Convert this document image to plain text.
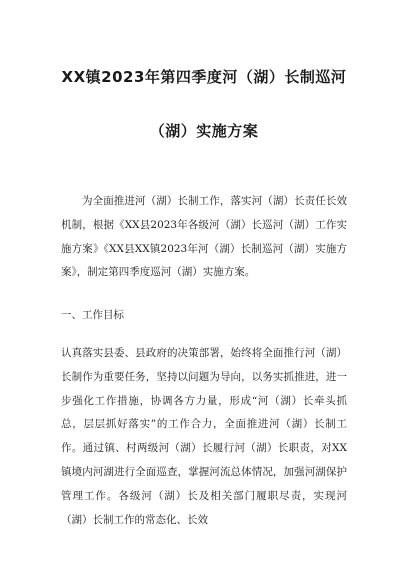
XX镇2023年第四季度河（湖）长制巡河
（湖）实施方案

为全面推进河（湖）长制工作，落实河（湖）长责任长效机制，根据《XX县2023年各级河（湖）长巡河（湖）工作实施方案》《XX县XX镇2023年河（湖）长制巡河（湖）实施方案》，制定第四季度巡河（湖）实施方案。

一、工作目标

认真落实县委、县政府的决策部署，始终将全面推行河（湖）长制作为重要任务，坚持以问题为导向，以务实抓推进，进一步强化工作措施，协调各方力量，形成“河（湖）长牵头抓总，层层抓好落实”的工作合力，全面推进河（湖）长制工作。通过镇、村两级河（湖）长履行河（湖）长职责，对XX镇境内河湖进行全面巡查，掌握河流总体情况，加强河湖保护管理工作。各级河（湖）长及相关部门履职尽责，实现河（湖）长制工作的常态化、长效
